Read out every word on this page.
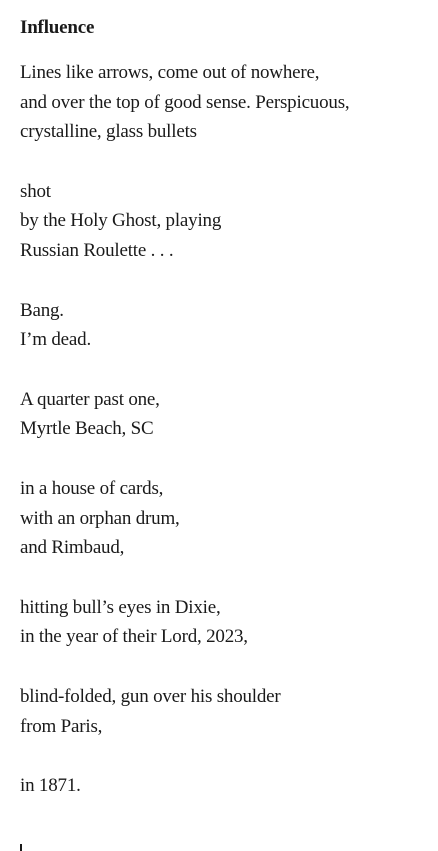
Influence
Lines like arrows, come out of nowhere,
and over the top of good sense. Perspicuous,
crystalline, glass bullets
shot
by the Holy Ghost, playing
Russian Roulette . . .
Bang.
I’m dead.
A quarter past one,
Myrtle Beach, SC
in a house of cards,
with an orphan drum,
and Rimbaud,
hitting bull’s eyes in Dixie,
in the year of their Lord, 2023,
blind-folded, gun over his shoulder
from Paris,
in 1871.
